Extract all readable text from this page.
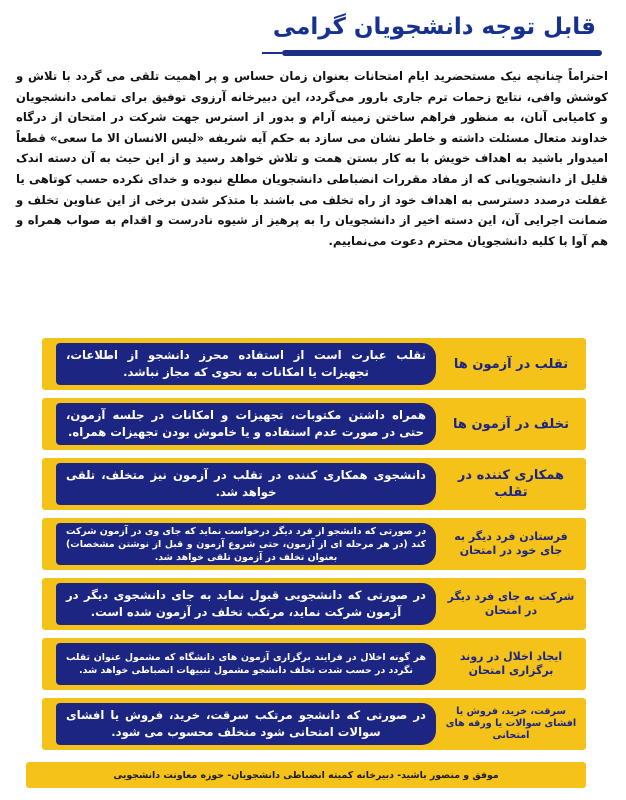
قابل توجه دانشجویان گرامی
احتراماً چنانچه نیک مستحضرید ایام امتحانات بعنوان زمان حساس و پر اهمیت تلقی می گردد با تلاش و کوشش وافی، نتایج زحمات ترم جاری بارور می‌گردد، این دبیرخانه آرزوی توفیق برای تمامی دانشجویان و کامیابی آنان، به منظور فراهم ساختن زمینه آرام و بدور از استرس جهت شرکت در امتحان از درگاه خداوند متعال مسئلت داشته و خاطر نشان می سازد به حکم آیه شریفه «لیس الانسان الا ما سعی» قطعاً امیدوار باشید به اهداف خویش با به کار بستن همت و تلاش خواهد رسید و از این حیث به آن دسته اندک قلیل از دانشجویانی که از مفاد مقررات انضباطی دانشجویان مطلع نبوده و خدای نکرده حسب کوتاهی یا غفلت درصدد دسترسی به اهداف خود از راه تخلف می باشند با متذکر شدن برخی از این عناوین تخلف و ضمانت اجرایی آن، این دسته اخیر از دانشجویان را به پرهیز از شیوه نادرست و اقدام به صواب همراه و هم آوا با کلیه دانشجویان محترم دعوت می‌نماییم.
تقلب عبارت است از استفاده محرز دانشجو از اطلاعات، تجهیزات یا امکانات به نحوی که مجاز نباشد.
تقلب در آزمون ها
همراه داشتن مکتوبات، تجهیزات و امکانات در جلسه آزمون، حتی در صورت عدم استفاده و یا خاموش بودن تجهیزات همراه.
تخلف در آزمون ها
دانشجوی همکاری کننده در تقلب در آزمون نیز متخلف، تلقی خواهد شد.
همکاری کننده در تقلب
در صورتی که دانشجو از فرد دیگر درخواست نماید که جای وی در آزمون شرکت کند (در هر مرحله ای از آزمون، حتی شروع آزمون و قبل از نوشتن مشخصات) بعنوان تخلف در آزمون تلقی خواهد شد.
فرستادن فرد دیگر به جای خود در امتحان
در صورتی که دانشجویی قبول نماید به جای دانشجوی دیگر در آزمون شرکت نماید، مرتکب تخلف در آزمون شده است.
شرکت به جای فرد دیگر در امتحان
هر گونه اخلال در فرایند برگزاری آزمون های دانشگاه که مشمول عنوان تقلب نگردد در حسب شدت تخلف دانشجو مشمول تنبیهات انضباطی خواهد شد.
ایجاد اخلال در روند برگزاری امتحان
در صورتی که دانشجو مرتکب سرقت، خرید، فروش یا افشای سوالات امتحانی شود متخلف محسوب می شود.
سرقت، خرید، فروش یا افشای سوالات یا ورقه های امتحانی
موفق و منصور باشید- دبیرخانه کمیته انضباطی دانشجویان- حوزه معاونت دانشجویی
